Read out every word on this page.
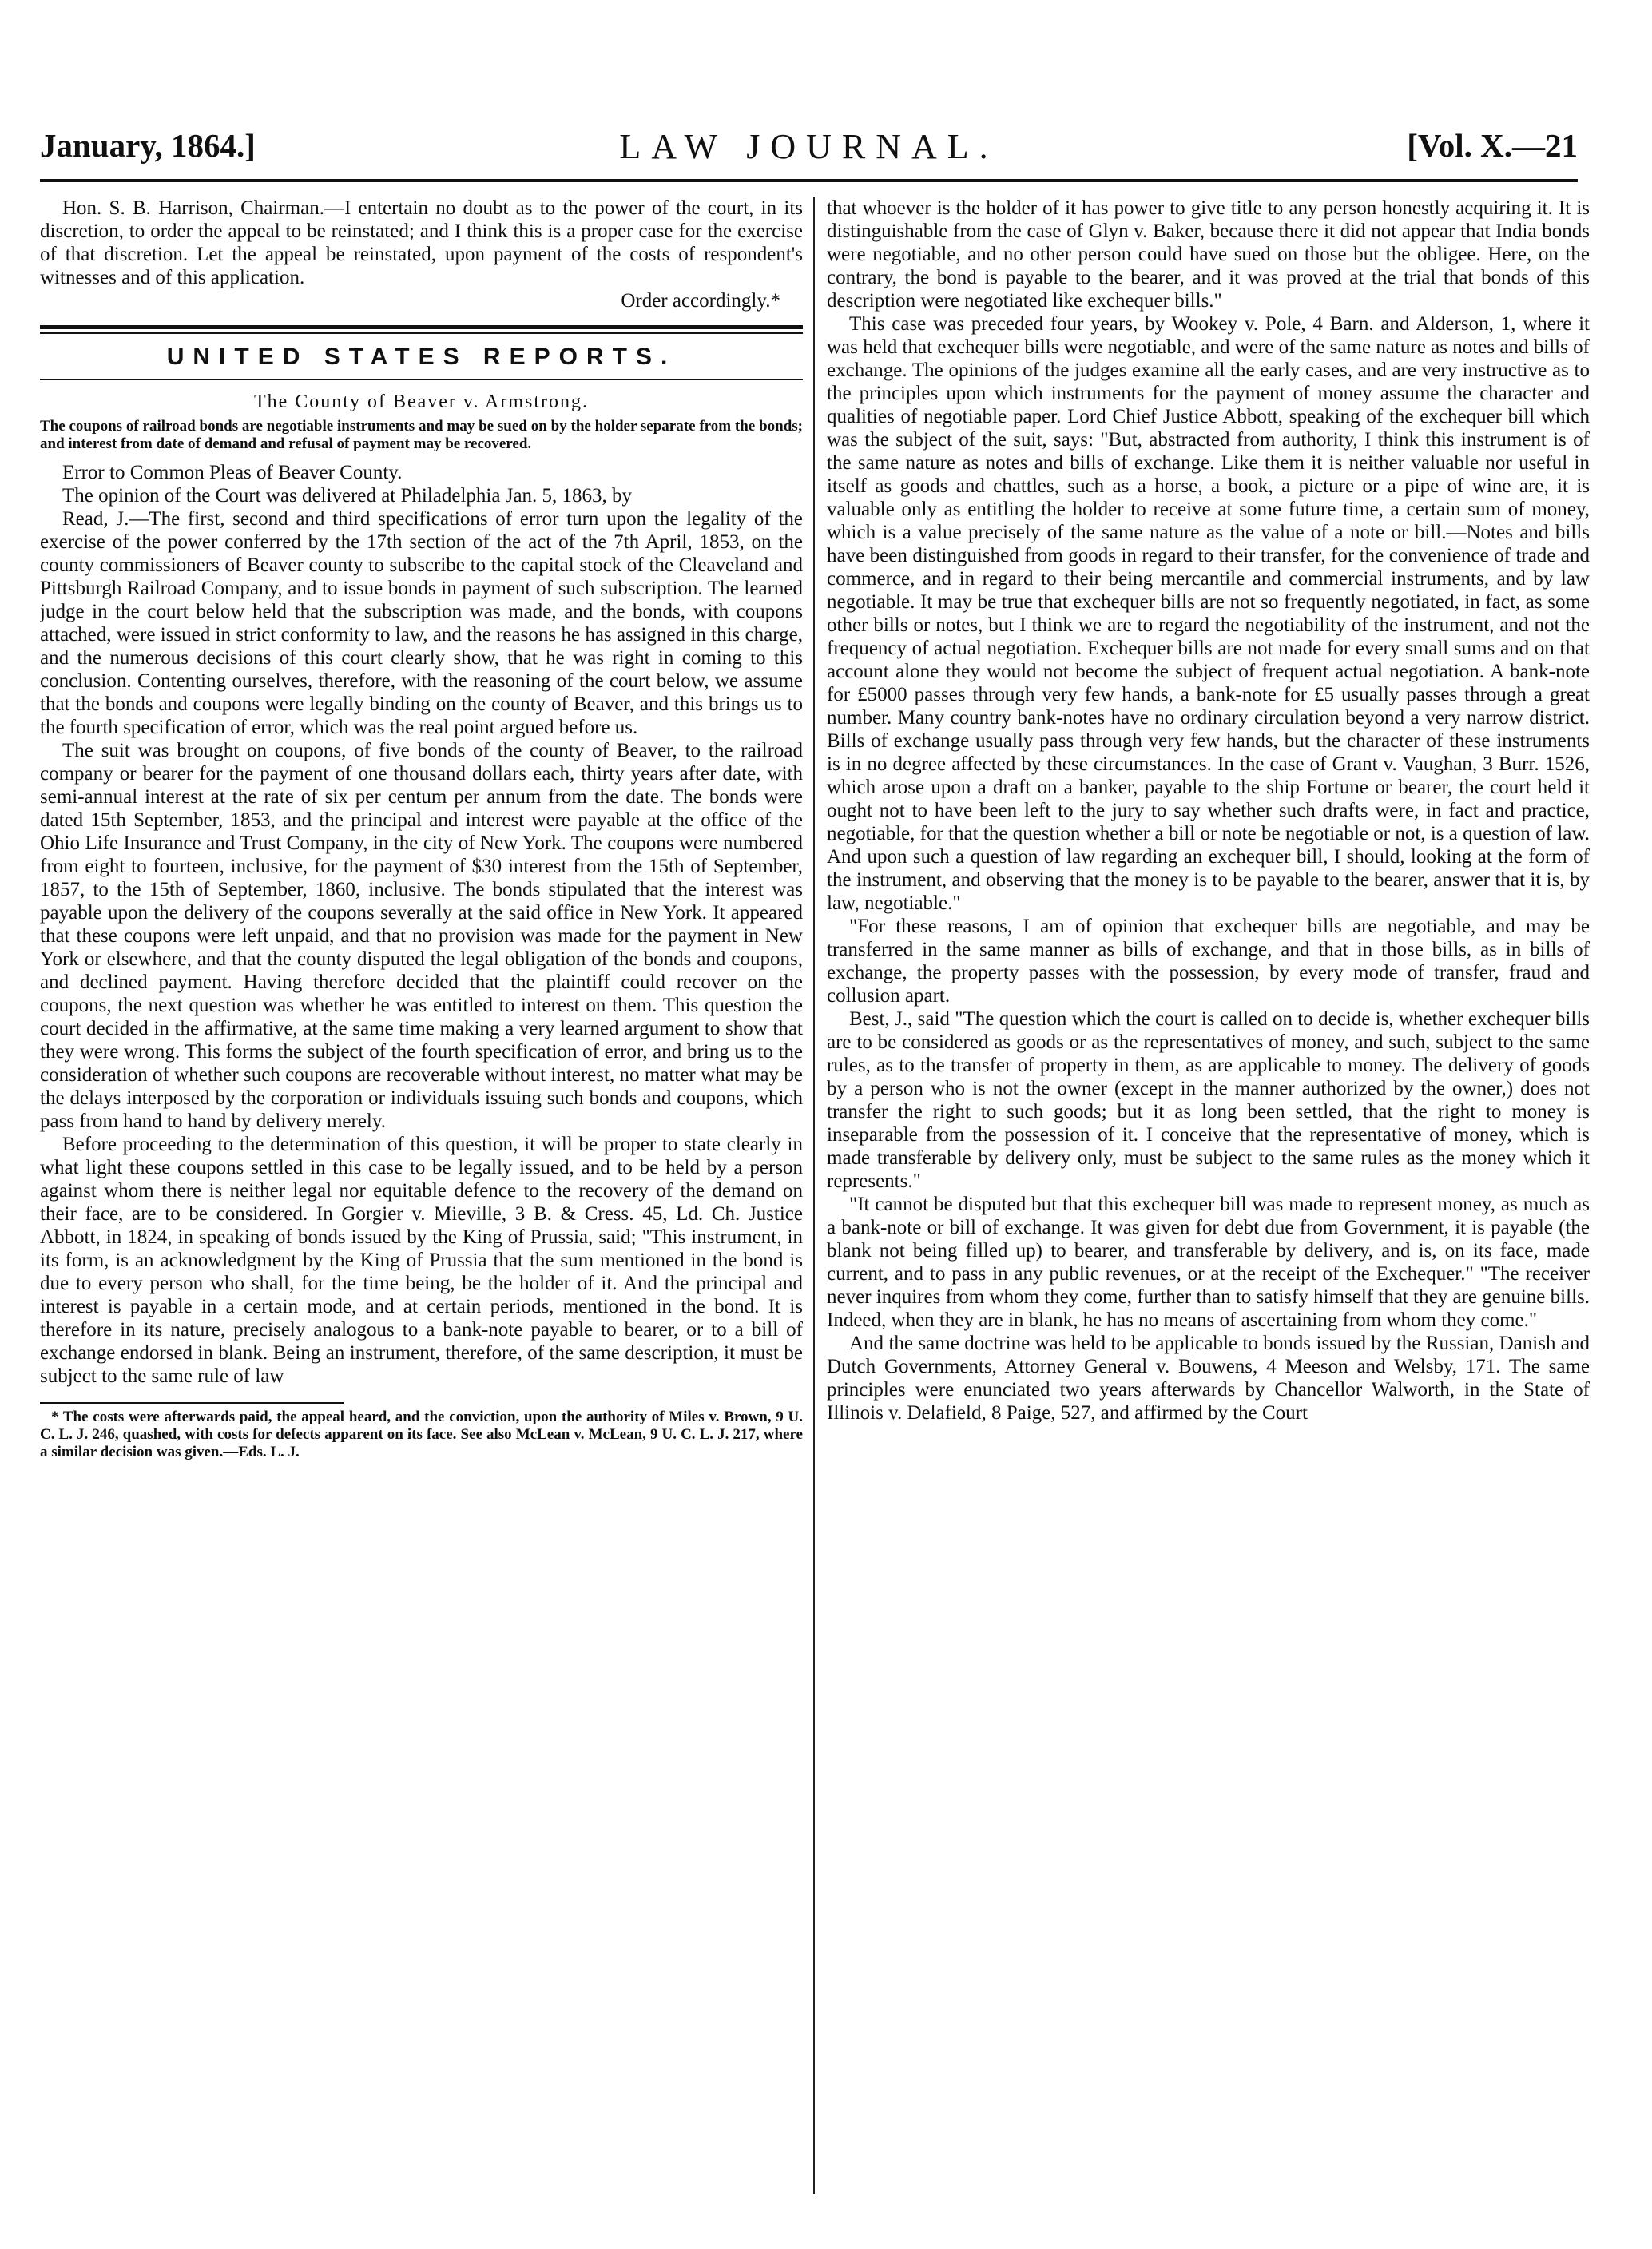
January, 1864.]	LAW JOURNAL.	[Vol. X.—21

Hon. S. B. Harrison, Chairman.—I entertain no doubt as to the power of the court, in its discretion, to order the appeal to be reinstated; and I think this is a proper case for the exercise of that discretion. Let the appeal be reinstated, upon payment of the costs of respondent's witnesses and of this application.

Order accordingly.*
UNITED STATES REPORTS.
The County of Beaver v. Armstrong.

The coupons of railroad bonds are negotiable instruments and may be sued on by the holder separate from the bonds; and interest from date of demand and refusal of payment may be recovered.

Error to Common Pleas of Beaver County.

The opinion of the Court was delivered at Philadelphia Jan. 5, 1863, by

Read, J.—The first, second and third specifications of error turn upon the legality of the exercise of the power conferred by the 17th section of the act of the 7th April, 1853, on the county commissioners of Beaver county to subscribe to the capital stock of the Cleaveland and Pittsburgh Railroad Company, and to issue bonds in payment of such subscription. The learned judge in the court below held that the subscription was made, and the bonds, with coupons attached, were issued in strict conformity to law, and the reasons he has assigned in this charge, and the numerous decisions of this court clearly show, that he was right in coming to this conclusion. Contenting ourselves, therefore, with the reasoning of the court below, we assume that the bonds and coupons were legally binding on the county of Beaver, and this brings us to the fourth specification of error, which was the real point argued before us.

The suit was brought on coupons, of five bonds of the county of Beaver, to the railroad company or bearer for the payment of one thousand dollars each, thirty years after date, with semi-annual interest at the rate of six per centum per annum from the date. The bonds were dated 15th September, 1853, and the principal and interest were payable at the office of the Ohio Life Insurance and Trust Company, in the city of New York. The coupons were numbered from eight to fourteen, inclusive, for the payment of $30 interest from the 15th of September, 1857, to the 15th of September, 1860, inclusive. The bonds stipulated that the interest was payable upon the delivery of the coupons severally at the said office in New York. It appeared that these coupons were left unpaid, and that no provision was made for the payment in New York or elsewhere, and that the county disputed the legal obligation of the bonds and coupons, and declined payment. Having therefore decided that the plaintiff could recover on the coupons, the next question was whether he was entitled to interest on them. This question the court decided in the affirmative, at the same time making a very learned argument to show that they were wrong. This forms the subject of the fourth specification of error, and bring us to the consideration of whether such coupons are recoverable without interest, no matter what may be the delays interposed by the corporation or individuals issuing such bonds and coupons, which pass from hand to hand by delivery merely.

Before proceeding to the determination of this question, it will be proper to state clearly in what light these coupons settled in this case to be legally issued, and to be held by a person against whom there is neither legal nor equitable defence to the recovery of the demand on their face, are to be considered. In Gorgier v. Mieville, 3 B. & Cress. 45, Ld. Ch. Justice Abbott, in 1824, in speaking of bonds issued by the King of Prussia, said; "This instrument, in its form, is an acknowledgment by the King of Prussia that the sum mentioned in the bond is due to every person who shall, for the time being, be the holder of it. And the principal and interest is payable in a certain mode, and at certain periods, mentioned in the bond. It is therefore in its nature, precisely analogous to a bank-note payable to bearer, or to a bill of exchange endorsed in blank. Being an instrument, therefore, of the same description, it must be subject to the same rule of law

* The costs were afterwards paid, the appeal heard, and the conviction, upon the authority of Miles v. Brown, 9 U. C. L. J. 246, quashed, with costs for defects apparent on its face. See also McLean v. McLean, 9 U. C. L. J. 217, where a similar decision was given.—Eds. L. J.

that whoever is the holder of it has power to give title to any person honestly acquiring it. It is distinguishable from the case of Glyn v. Baker, because there it did not appear that India bonds were negotiable, and no other person could have sued on those but the obligee. Here, on the contrary, the bond is payable to the bearer, and it was proved at the trial that bonds of this description were negotiated like exchequer bills."

This case was preceded four years, by Wookey v. Pole, 4 Barn. and Alderson, 1, where it was held that exchequer bills were negotiable, and were of the same nature as notes and bills of exchange. The opinions of the judges examine all the early cases, and are very instructive as to the principles upon which instruments for the payment of money assume the character and qualities of negotiable paper. Lord Chief Justice Abbott, speaking of the exchequer bill which was the subject of the suit, says: "But, abstracted from authority, I think this instrument is of the same nature as notes and bills of exchange. Like them it is neither valuable nor useful in itself as goods and chattles, such as a horse, a book, a picture or a pipe of wine are, it is valuable only as entitling the holder to receive at some future time, a certain sum of money, which is a value precisely of the same nature as the value of a note or bill.—Notes and bills have been distinguished from goods in regard to their transfer, for the convenience of trade and commerce, and in regard to their being mercantile and commercial instruments, and by law negotiable. It may be true that exchequer bills are not so frequently negotiated, in fact, as some other bills or notes, but I think we are to regard the negotiability of the instrument, and not the frequency of actual negotiation. Exchequer bills are not made for every small sums and on that account alone they would not become the subject of frequent actual negotiation. A bank-note for £5000 passes through very few hands, a bank-note for £5 usually passes through a great number. Many country bank-notes have no ordinary circulation beyond a very narrow district. Bills of exchange usually pass through very few hands, but the character of these instruments is in no degree affected by these circumstances. In the case of Grant v. Vaughan, 3 Burr. 1526, which arose upon a draft on a banker, payable to the ship Fortune or bearer, the court held it ought not to have been left to the jury to say whether such drafts were, in fact and practice, negotiable, for that the question whether a bill or note be negotiable or not, is a question of law. And upon such a question of law regarding an exchequer bill, I should, looking at the form of the instrument, and observing that the money is to be payable to the bearer, answer that it is, by law, negotiable."

"For these reasons, I am of opinion that exchequer bills are negotiable, and may be transferred in the same manner as bills of exchange, and that in those bills, as in bills of exchange, the property passes with the possession, by every mode of transfer, fraud and collusion apart.

Best, J., said "The question which the court is called on to decide is, whether exchequer bills are to be considered as goods or as the representatives of money, and such, subject to the same rules, as to the transfer of property in them, as are applicable to money. The delivery of goods by a person who is not the owner (except in the manner authorized by the owner,) does not transfer the right to such goods; but it as long been settled, that the right to money is inseparable from the possession of it. I conceive that the representative of money, which is made transferable by delivery only, must be subject to the same rules as the money which it represents."

"It cannot be disputed but that this exchequer bill was made to represent money, as much as a bank-note or bill of exchange. It was given for debt due from Government, it is payable (the blank not being filled up) to bearer, and transferable by delivery, and is, on its face, made current, and to pass in any public revenues, or at the receipt of the Exchequer." "The receiver never inquires from whom they come, further than to satisfy himself that they are genuine bills. Indeed, when they are in blank, he has no means of ascertaining from whom they come."

And the same doctrine was held to be applicable to bonds issued by the Russian, Danish and Dutch Governments, Attorney General v. Bouwens, 4 Meeson and Welsby, 171. The same principles were enunciated two years afterwards by Chancellor Walworth, in the State of Illinois v. Delafield, 8 Paige, 527, and affirmed by the Court
